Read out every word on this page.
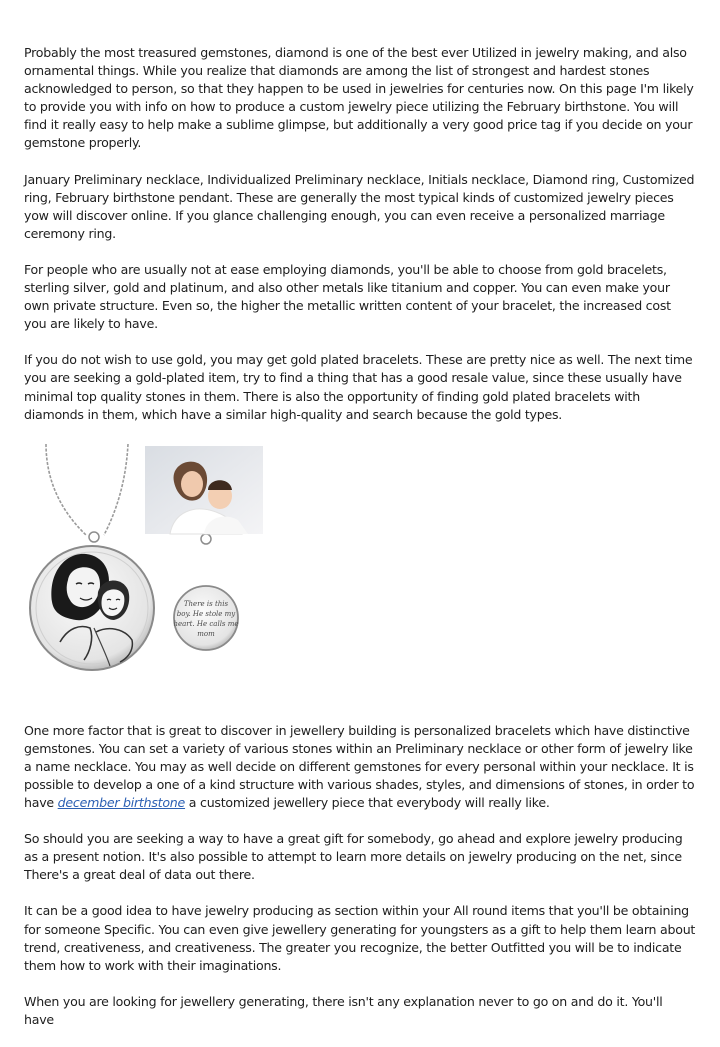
Probably the most treasured gemstones, diamond is one of the best ever Utilized in jewelry making, and also ornamental things. While you realize that diamonds are among the list of strongest and hardest stones acknowledged to person, so that they happen to be used in jewelries for centuries now. On this page I'm likely to provide you with info on how to produce a custom jewelry piece utilizing the February birthstone. You will find it really easy to help make a sublime glimpse, but additionally a very good price tag if you decide on your gemstone properly.

January Preliminary necklace, Individualized Preliminary necklace, Initials necklace, Diamond ring, Customized ring, February birthstone pendant. These are generally the most typical kinds of customized jewelry pieces yow will discover online. If you glance challenging enough, you can even receive a personalized marriage ceremony ring.

For people who are usually not at ease employing diamonds, you'll be able to choose from gold bracelets, sterling silver, gold and platinum, and also other metals like titanium and copper. You can even make your own private structure. Even so, the higher the metallic written content of your bracelet, the increased cost you are likely to have.

If you do not wish to use gold, you may get gold plated bracelets. These are pretty nice as well. The next time you are seeking a gold-plated item, try to find a thing that has a good resale value, since these usually have minimal top quality stones in them. There is also the opportunity of finding gold plated bracelets with diamonds in them, which have a similar high-quality and search because the gold types.

There is this
boy. He stole my
heart. He calls me
mom

One more factor that is great to discover in jewellery building is personalized bracelets which have distinctive gemstones. You can set a variety of various stones within an Preliminary necklace or other form of jewelry like a name necklace. You may as well decide on different gemstones for every personal within your necklace. It is possible to develop a one of a kind structure with various shades, styles, and dimensions of stones, in order to have december birthstone a customized jewellery piece that everybody will really like.

So should you are seeking a way to have a great gift for somebody, go ahead and explore jewelry producing as a present notion. It's also possible to attempt to learn more details on jewelry producing on the net, since There's a great deal of data out there.

It can be a good idea to have jewelry producing as section within your All round items that you'll be obtaining for someone Specific. You can even give jewellery generating for youngsters as a gift to help them learn about trend, creativeness, and creativeness. The greater you recognize, the better Outfitted you will be to indicate them how to work with their imaginations.

When you are looking for jewellery generating, there isn't any explanation never to go on and do it. You'll have
